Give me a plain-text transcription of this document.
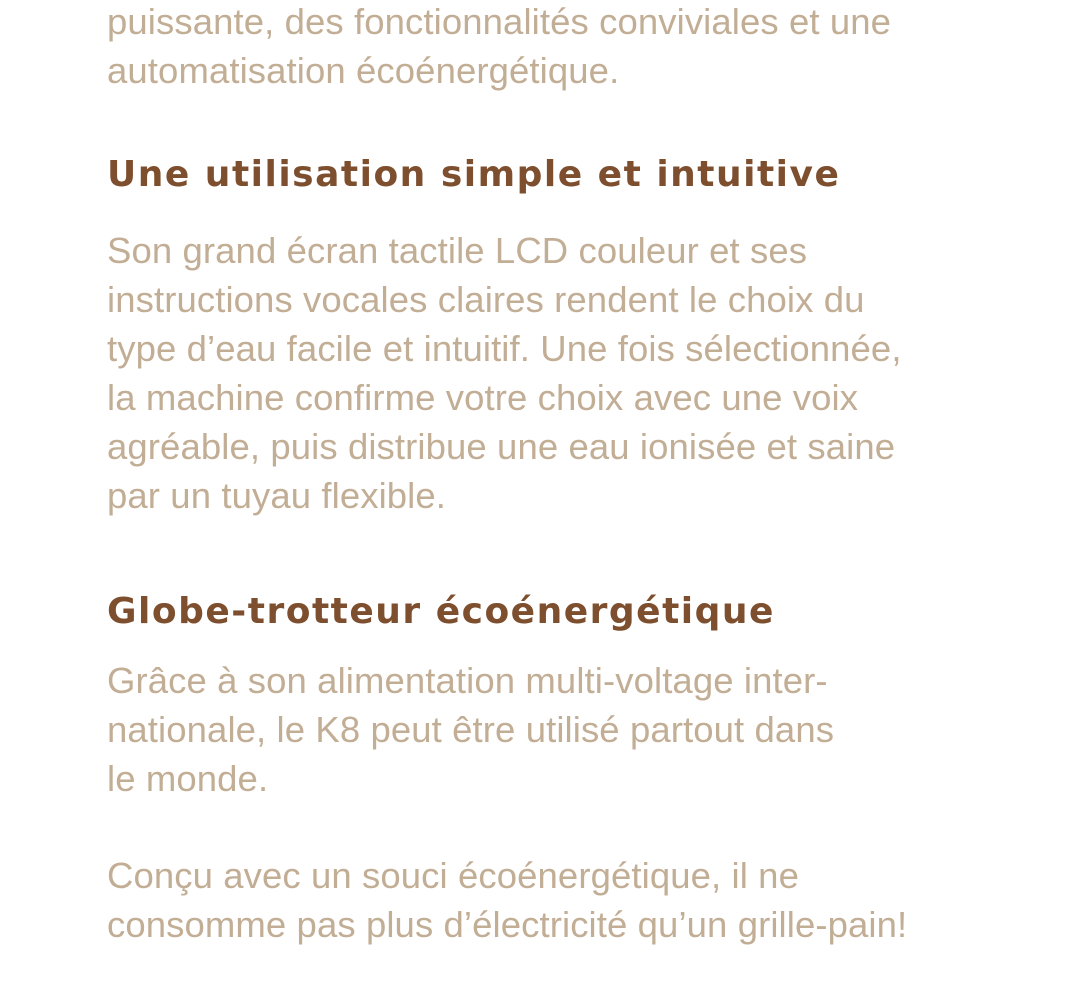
puissante, des fonctionnalités conviviales et une
automatisation écoénergétique.
Une utilisation simple et intuitive
Son grand écran tactile LCD couleur et ses
instructions vocales claires rendent le choix du
type d’eau facile et intuitif. Une fois sélectionnée,
la machine confirme votre choix avec une voix
agréable, puis distribue une eau ionisée et saine
par un tuyau flexible.
Globe-trotteur écoénergétique
Grâce à son alimentation multi-voltage inter-
nationale, le K8 peut être utilisé partout dans
le monde.
Conçu avec un souci écoénergétique, il ne
consomme pas plus d’électricité qu’un grille-pain!
